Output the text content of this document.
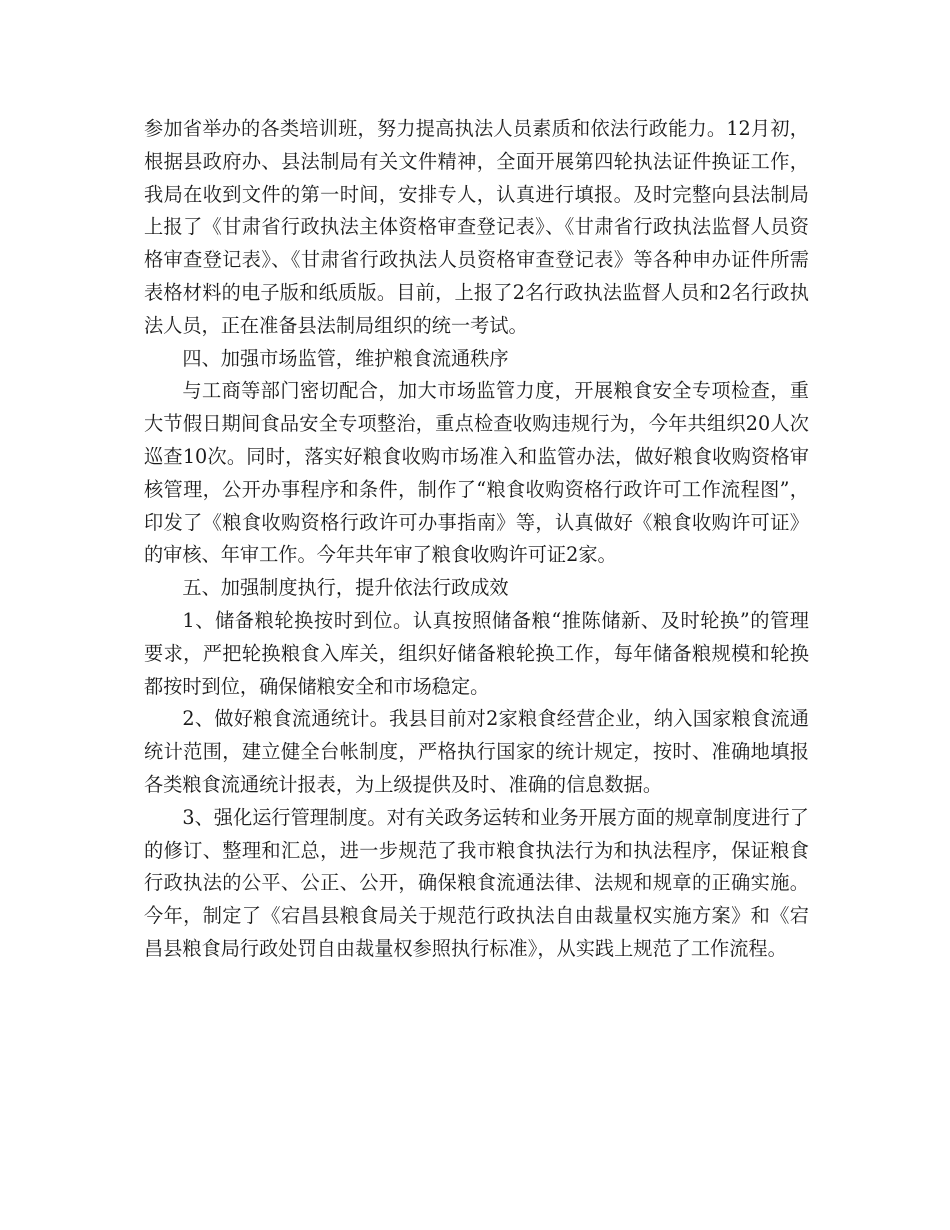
参加省举办的各类培训班，努力提高执法人员素质和依法行政能力。12月初，根据县政府办、县法制局有关文件精神，全面开展第四轮执法证件换证工作，我局在收到文件的第一时间，安排专人，认真进行填报。及时完整向县法制局上报了《甘肃省行政执法主体资格审查登记表》、《甘肃省行政执法监督人员资格审查登记表》、《甘肃省行政执法人员资格审查登记表》等各种申办证件所需表格材料的电子版和纸质版。目前，上报了2名行政执法监督人员和2名行政执法人员，正在准备县法制局组织的统一考试。

四、加强市场监管，维护粮食流通秩序

与工商等部门密切配合，加大市场监管力度，开展粮食安全专项检查，重大节假日期间食品安全专项整治，重点检查收购违规行为，今年共组织20人次巡查10次。同时，落实好粮食收购市场准入和监管办法，做好粮食收购资格审核管理，公开办事程序和条件，制作了“粮食收购资格行政许可工作流程图”，印发了《粮食收购资格行政许可办事指南》等，认真做好《粮食收购许可证》的审核、年审工作。今年共年审了粮食收购许可证2家。

五、加强制度执行，提升依法行政成效

1、储备粮轮换按时到位。认真按照储备粮“推陈储新、及时轮换”的管理要求，严把轮换粮食入库关，组织好储备粮轮换工作，每年储备粮规模和轮换都按时到位，确保储粮安全和市场稳定。

2、做好粮食流通统计。我县目前对2家粮食经营企业，纳入国家粮食流通统计范围，建立健全台帐制度，严格执行国家的统计规定，按时、准确地填报各类粮食流通统计报表，为上级提供及时、准确的信息数据。

3、强化运行管理制度。对有关政务运转和业务开展方面的规章制度进行了的修订、整理和汇总，进一步规范了我市粮食执法行为和执法程序，保证粮食行政执法的公平、公正、公开，确保粮食流通法律、法规和规章的正确实施。今年，制定了《宕昌县粮食局关于规范行政执法自由裁量权实施方案》和《宕昌县粮食局行政处罚自由裁量权参照执行标准》，从实践上规范了工作流程。
